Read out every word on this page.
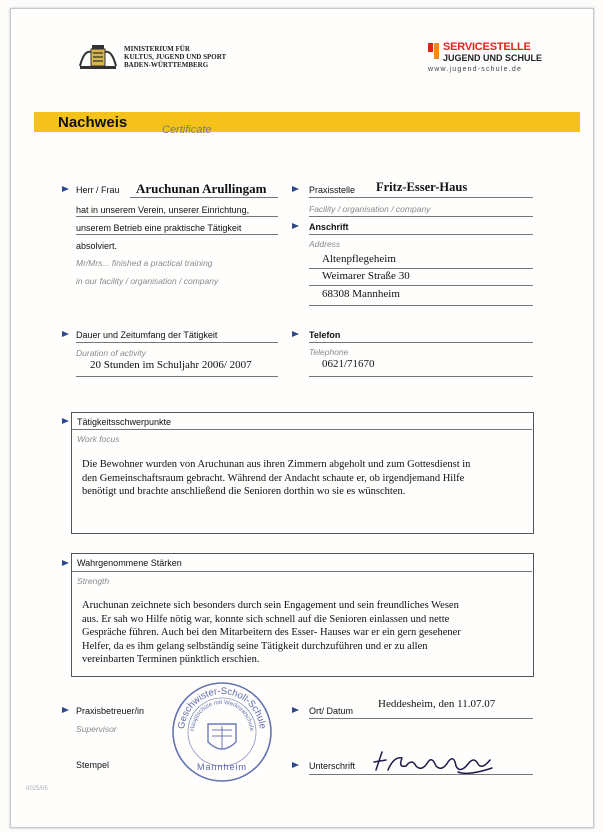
MINISTERIUM FÜR
KULTUS, JUGEND UND SPORT
BADEN-WÜRTTEMBERG
SERVICESTELLE
JUGEND UND SCHULE
www.jugend-schule.de
Nachweis	Certificate
Herr / Frau Aruchunan Arullingam
hat in unserem Verein, unserer Einrichtung,
unserem Betrieb eine praktische Tätigkeit
absolviert.
Mr/Mrs... finished a practical training
in our facility / organisation / company
Praxisstelle Fritz-Esser-Haus
Facility / organisation / company
Anschrift
Address
Altenpflegeheim
Weimarer Straße 30
68308 Mannheim
Dauer und Zeitumfang der Tätigkeit
Duration of activity
20 Stunden im Schuljahr 2006/ 2007
Telefon
Telephone
0621/71670
Tätigkeitsschwerpunkte
Work focus
Die Bewohner wurden von Aruchunan aus ihren Zimmern abgeholt und zum Gottesdienst in
den Gemeinschaftsraum gebracht. Während der Andacht schaute er, ob irgendjemand Hilfe
benötigt und brachte anschließend die Senioren dorthin wo sie es wünschten.
Wahrgenommene Stärken
Strength
Aruchunan zeichnete sich besonders durch sein Engagement und sein freundliches Wesen
aus. Er sah wo Hilfe nötig war, konnte sich schnell auf die Senioren einlassen und nette
Gespräche führen. Auch bei den Mitarbeitern des Esser- Hauses war er ein gern gesehener
Helfer, da es ihm gelang selbständig seine Tätigkeit durchzuführen und er zu allen
vereinbarten Terminen pünktlich erschien.
Praxisbetreuer/in
Supervisor
Stempel
Geschwister-Scholl-Schule
Hauptschule mit Werkrealschule
Mannheim
Ort/ Datum
Heddesheim, den 11.07.07
Unterschrift
0025/05
